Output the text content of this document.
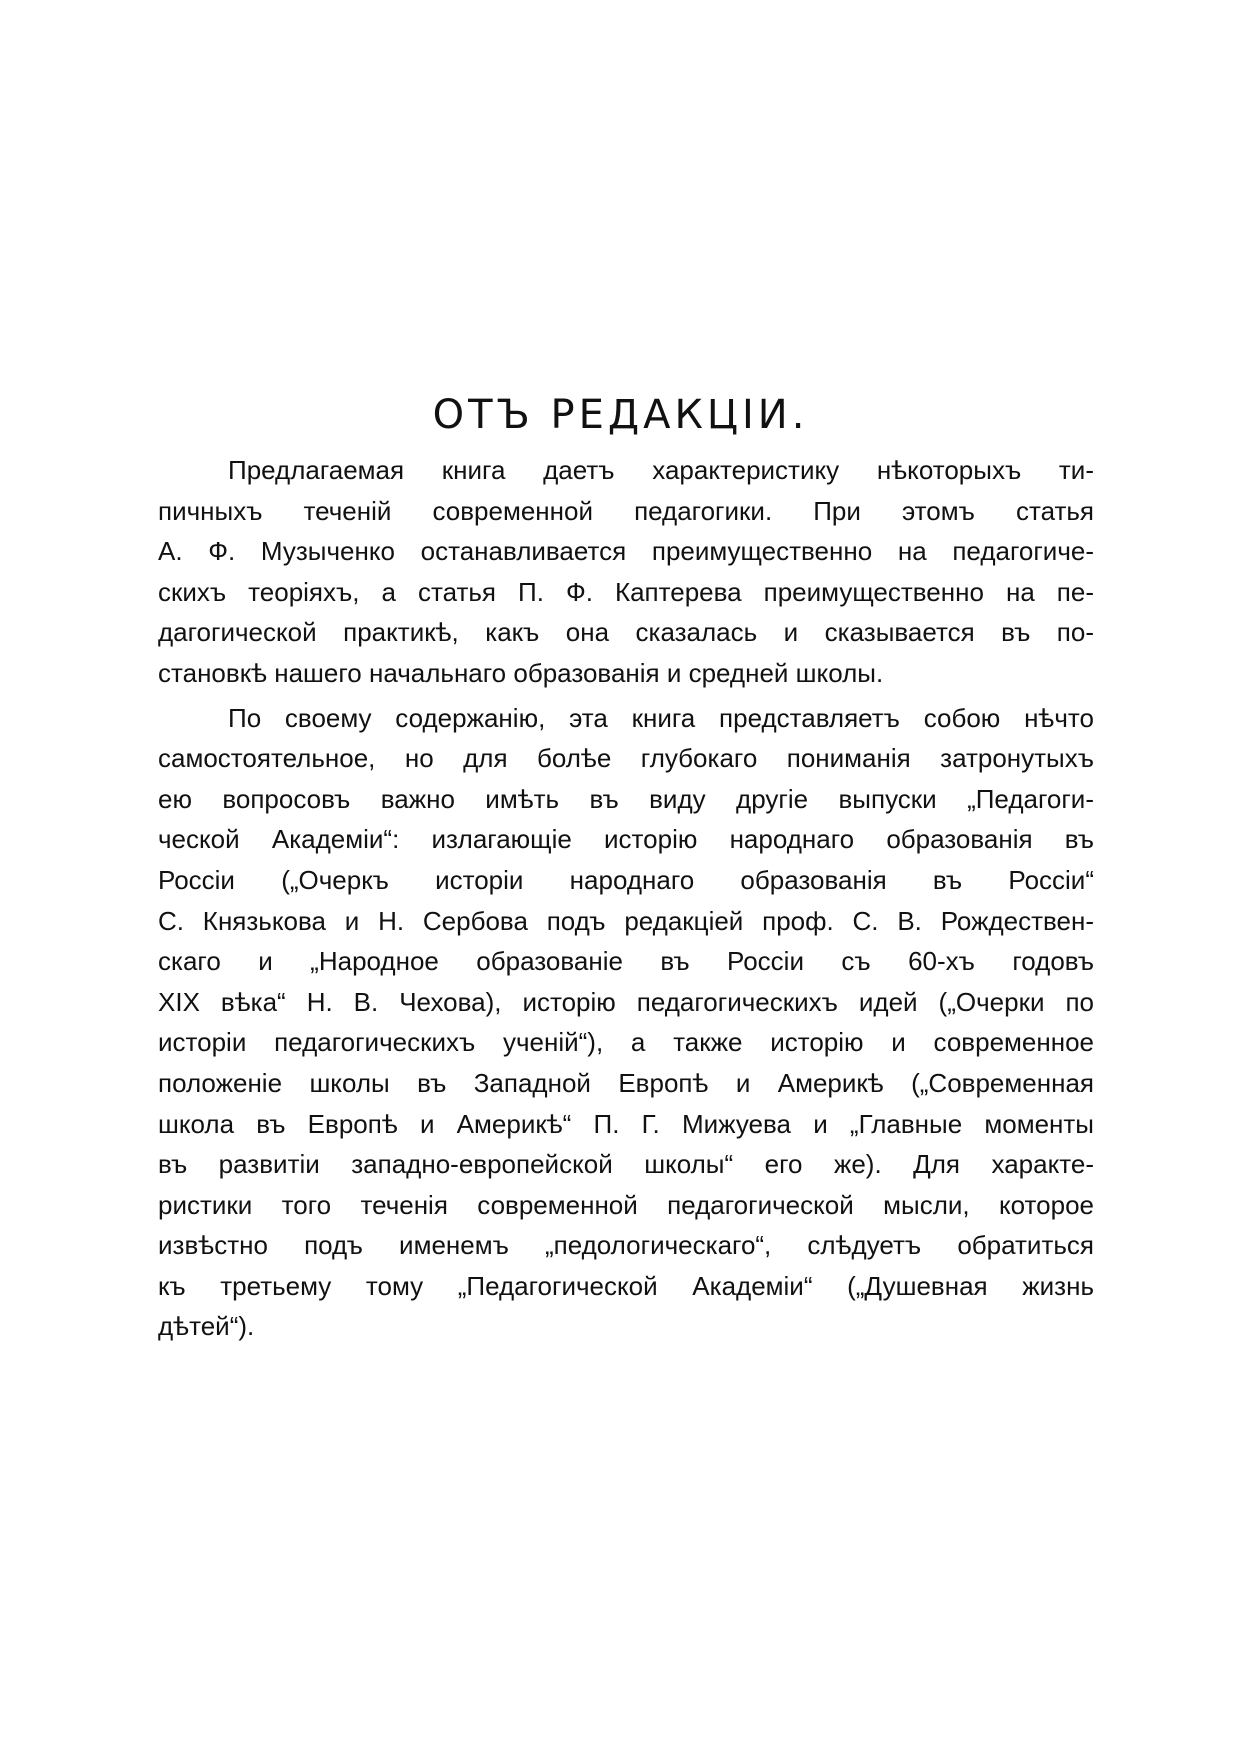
ОТЪ РЕДАКЦІИ.

Предлагаемая книга даетъ характеристику нѣкоторыхъ ти-
пичныхъ теченій современной педагогики. При этомъ статья
А. Ф. Музыченко останавливается преимущественно на педагогиче-
скихъ теоріяхъ, а статья П. Ф. Каптерева преимущественно на пе-
дагогической практикѣ, какъ она сказалась и сказывается въ по-
становкѣ нашего начальнаго образованія и средней школы.

По своему содержанію, эта книга представляетъ собою нѣчто
самостоятельное, но для болѣе глубокаго пониманія затронутыхъ
ею вопросовъ важно имѣть въ виду другіе выпуски „Педагоги-
ческой Академіи“: излагающіе исторію народнаго образованія въ
Россіи („Очеркъ исторіи народнаго образованія въ Россіи“
С. Князькова и Н. Сербова подъ редакціей проф. С. В. Рождествен-
скаго и „Народное образованіе въ Россіи съ 60-хъ годовъ
XIX вѣка“ Н. В. Чехова), исторію педагогическихъ идей („Очерки по
исторіи педагогическихъ ученій“), а также исторію и современное
положеніе школы въ Западной Европѣ и Америкѣ („Современная
школа въ Европѣ и Америкѣ“ П. Г. Мижуева и „Главные моменты
въ развитіи западно-европейской школы“ его же). Для характе-
ристики того теченія современной педагогической мысли, которое
извѣстно подъ именемъ „педологическаго“, слѣдуетъ обратиться
къ третьему тому „Педагогической Академіи“ („Душевная жизнь
дѣтей“).
